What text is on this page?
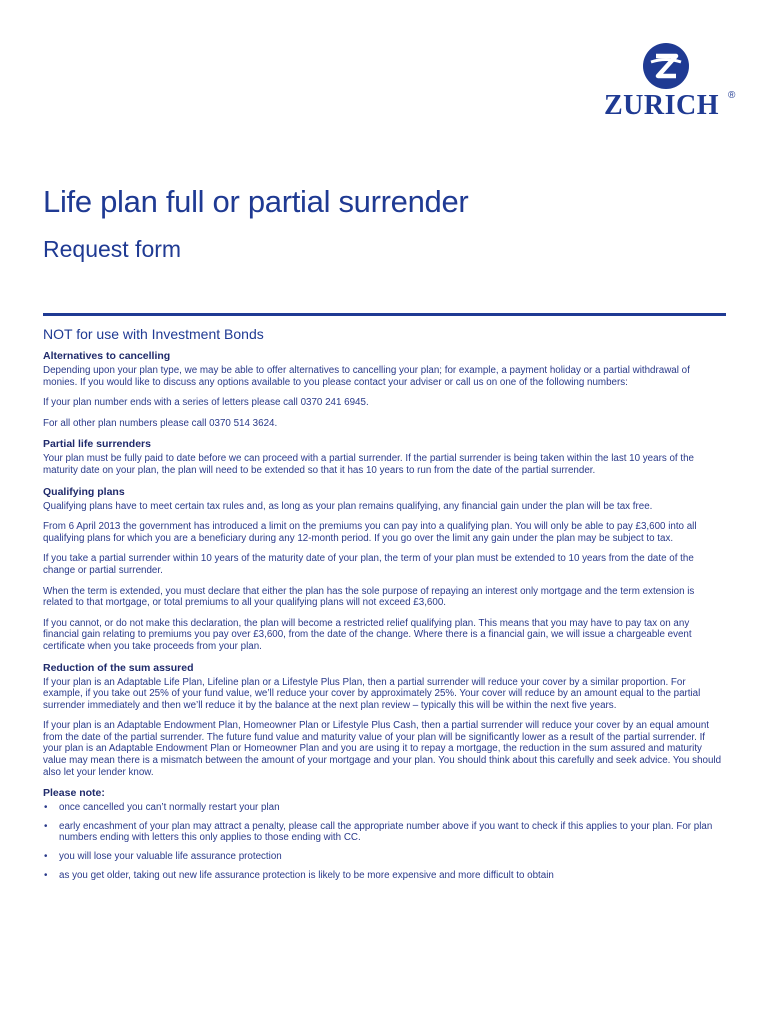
ZURICH ®
Life plan full or partial surrender
Request form

NOT for use with Investment Bonds

Alternatives to cancelling

Depending upon your plan type, we may be able to offer alternatives to cancelling your plan; for example, a payment holiday or a partial withdrawal of monies. If you would like to discuss any options available to you please contact your adviser or call us on one of the following numbers:

If your plan number ends with a series of letters please call 0370 241 6945.

For all other plan numbers please call 0370 514 3624.

Partial life surrenders

Your plan must be fully paid to date before we can proceed with a partial surrender. If the partial surrender is being taken within the last 10 years of the maturity date on your plan, the plan will need to be extended so that it has 10 years to run from the date of the partial surrender.

Qualifying plans

Qualifying plans have to meet certain tax rules and, as long as your plan remains qualifying, any financial gain under the plan will be tax free.

From 6 April 2013 the government has introduced a limit on the premiums you can pay into a qualifying plan. You will only be able to pay £3,600 into all qualifying plans for which you are a beneficiary during any 12-month period. If you go over the limit any gain under the plan may be subject to tax.

If you take a partial surrender within 10 years of the maturity date of your plan, the term of your plan must be extended to 10 years from the date of the change or partial surrender.

When the term is extended, you must declare that either the plan has the sole purpose of repaying an interest only mortgage and the term extension is related to that mortgage, or total premiums to all your qualifying plans will not exceed £3,600.

If you cannot, or do not make this declaration, the plan will become a restricted relief qualifying plan. This means that you may have to pay tax on any financial gain relating to premiums you pay over £3,600, from the date of the change. Where there is a financial gain, we will issue a chargeable event certificate when you take proceeds from your plan.

Reduction of the sum assured

If your plan is an Adaptable Life Plan, Lifeline plan or a Lifestyle Plus Plan, then a partial surrender will reduce your cover by a similar proportion. For example, if you take out 25% of your fund value, we’ll reduce your cover by approximately 25%. Your cover will reduce by an amount equal to the partial surrender immediately and then we’ll reduce it by the balance at the next plan review – typically this will be within the next five years.

If your plan is an Adaptable Endowment Plan, Homeowner Plan or Lifestyle Plus Cash, then a partial surrender will reduce your cover by an equal amount from the date of the partial surrender. The future fund value and maturity value of your plan will be significantly lower as a result of the partial surrender. If your plan is an Adaptable Endowment Plan or Homeowner Plan and you are using it to repay a mortgage, the reduction in the sum assured and maturity value may mean there is a mismatch between the amount of your mortgage and your plan. You should think about this carefully and seek advice. You should also let your lender know.

Please note:

• once cancelled you can’t normally restart your plan
• early encashment of your plan may attract a penalty, please call the appropriate number above if you want to check if this applies to your plan. For plan numbers ending with letters this only applies to those ending with CC.
• you will lose your valuable life assurance protection
• as you get older, taking out new life assurance protection is likely to be more expensive and more difficult to obtain
